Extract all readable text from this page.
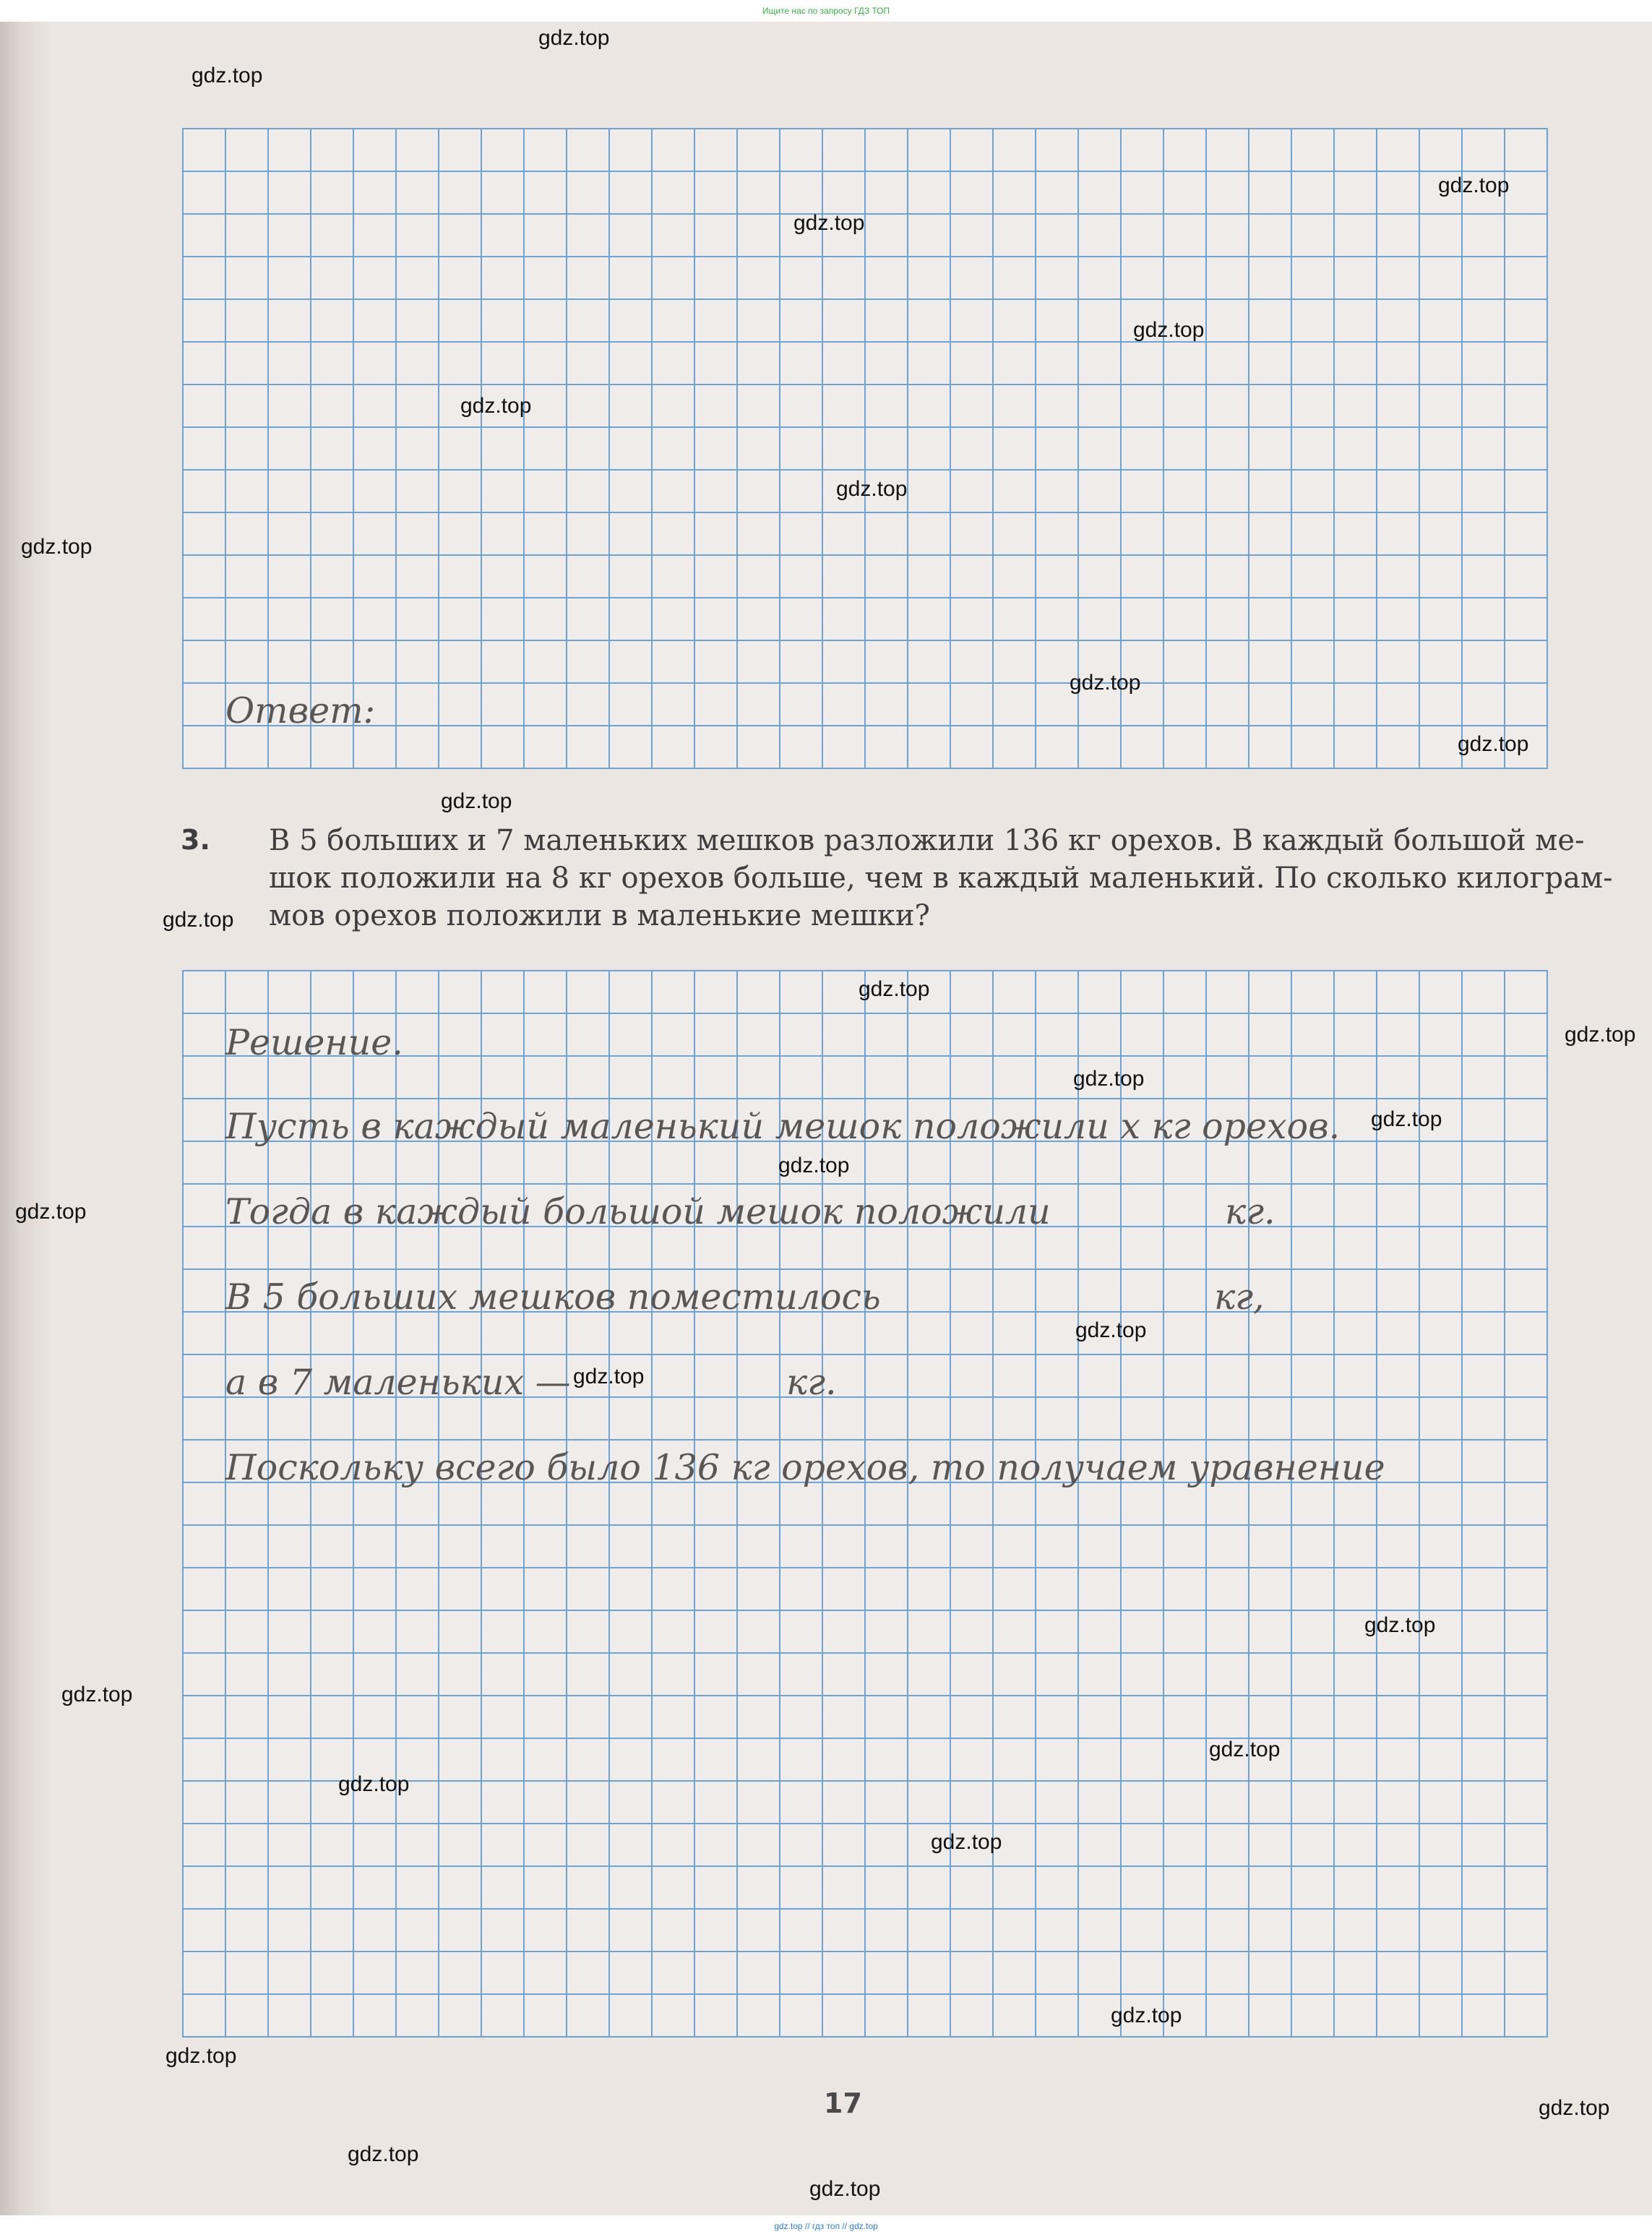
Ищите нас по запросу ГДЗ ТОП
Ответ:
3. В 5 больших и 7 маленьких мешков разложили 136 кг орехов. В каждый большой ме-
шок положили на 8 кг орехов больше, чем в каждый маленький. По сколько килограм-
мов орехов положили в маленькие мешки?
Решение.
Пусть в каждый маленький мешок положили x кг орехов.
Тогда в каждый большой мешок положили	кг.
В 5 больших мешков поместилось	кг,
а в 7 маленьких —	кг.
Поскольку всего было 136 кг орехов, то получаем уравнение
17
gdz.top
gdz.top
gdz.top
gdz.top
gdz.top
gdz.top
gdz.top
gdz.top
gdz.top
gdz.top
gdz.top
gdz.top
gdz.top
gdz.top
gdz.top
gdz.top
gdz.top
gdz.top
gdz.top
gdz.top
gdz.top
gdz.top
gdz.top
gdz.top
gdz.top
gdz.top
gdz.top
gdz.top
gdz.top
gdz.top
gdz.top // гдз топ // gdz.top
